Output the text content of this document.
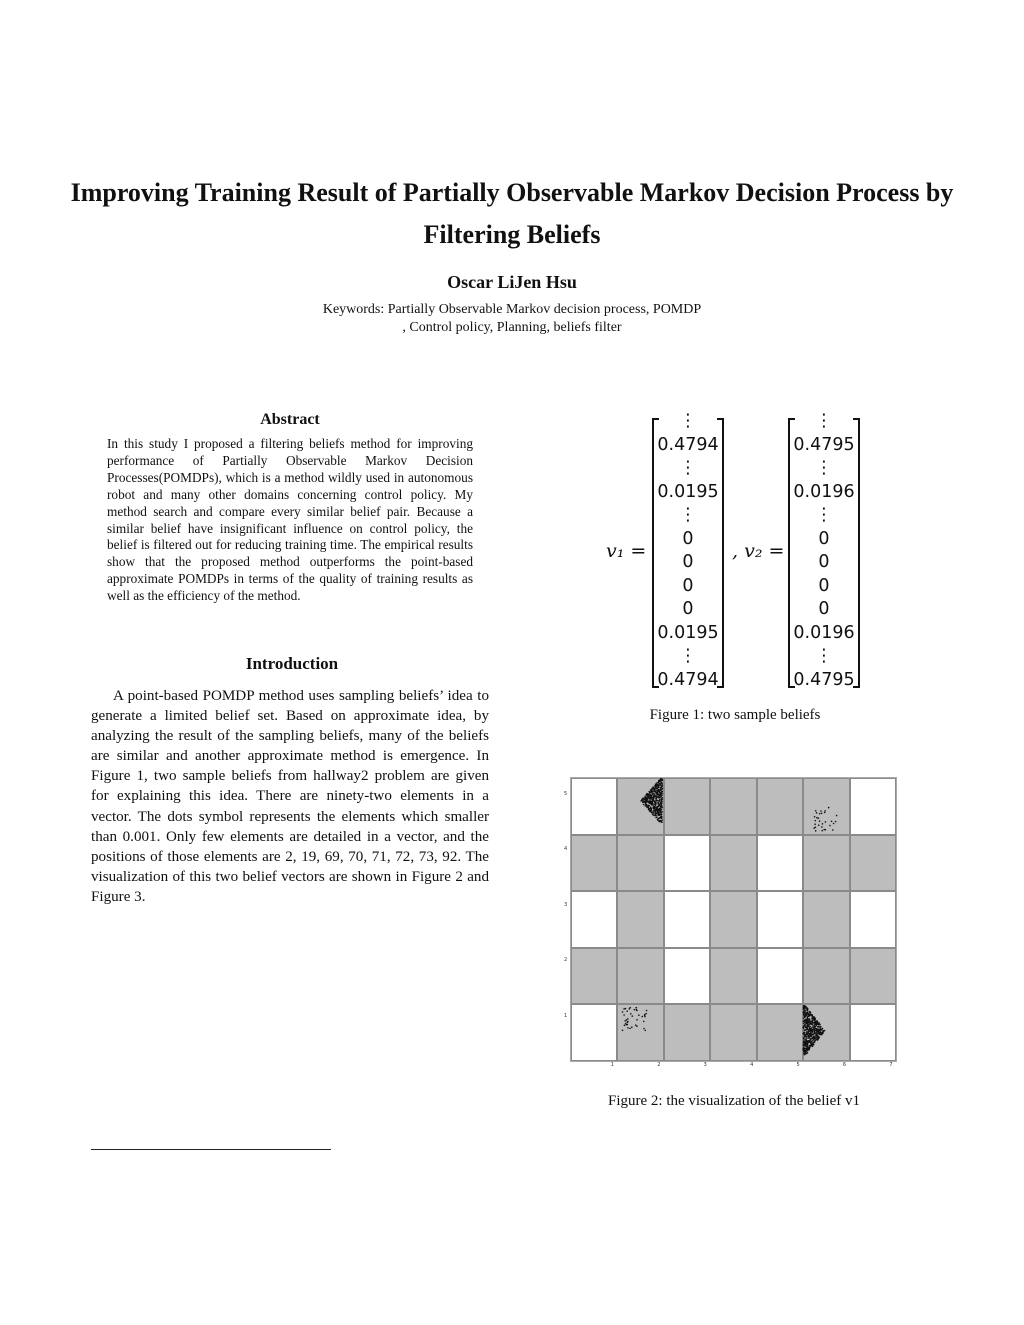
Improving Training Result of Partially Observable Markov Decision Process by Filtering Beliefs
Oscar LiJen Hsu
Keywords: Partially Observable Markov decision process, POMDP
, Control policy, Planning, beliefs filter
Abstract
In this study I proposed a filtering beliefs method for improving performance of Partially Observable Markov Decision Processes(POMDPs), which is a method wildly used in autonomous robot and many other domains concerning control policy. My method search and compare every similar belief pair. Because a similar belief have insignificant influence on control policy, the belief is filtered out for reducing training time. The empirical results show that the proposed method outperforms the point-based approximate POMDPs in terms of the quality of training results as well as the efficiency of the method.
Introduction
A point-based POMDP method uses sampling beliefs’ idea to generate a limited belief set. Based on approximate idea, by analyzing the result of the sampling beliefs, many of the beliefs are similar and another approximate method is emergence. In Figure 1, two sample beliefs from hallway2 problem are given for explaining this idea. There are ninety-two elements in a vector. The dots symbol represents the elements which smaller than 0.001. Only few elements are detailed in a vector, and the positions of those elements are 2, 19, 69, 70, 71, 72, 73, 92. The visualization of this two belief vectors are shown in Figure 2 and Figure 3.
𝑣₁ =
⋮
0.4794
⋮
0.0195
⋮
0
0
0
0
0.0195
⋮
0.4794
, 𝑣₂ =
⋮
0.4795
⋮
0.0196
⋮
0
0
0
0
0.0196
⋮
0.4795
Figure 1: two sample beliefs
1	2	3	4	5	6	7
1
2
3
4
5
Figure 2: the visualization of the belief v1
